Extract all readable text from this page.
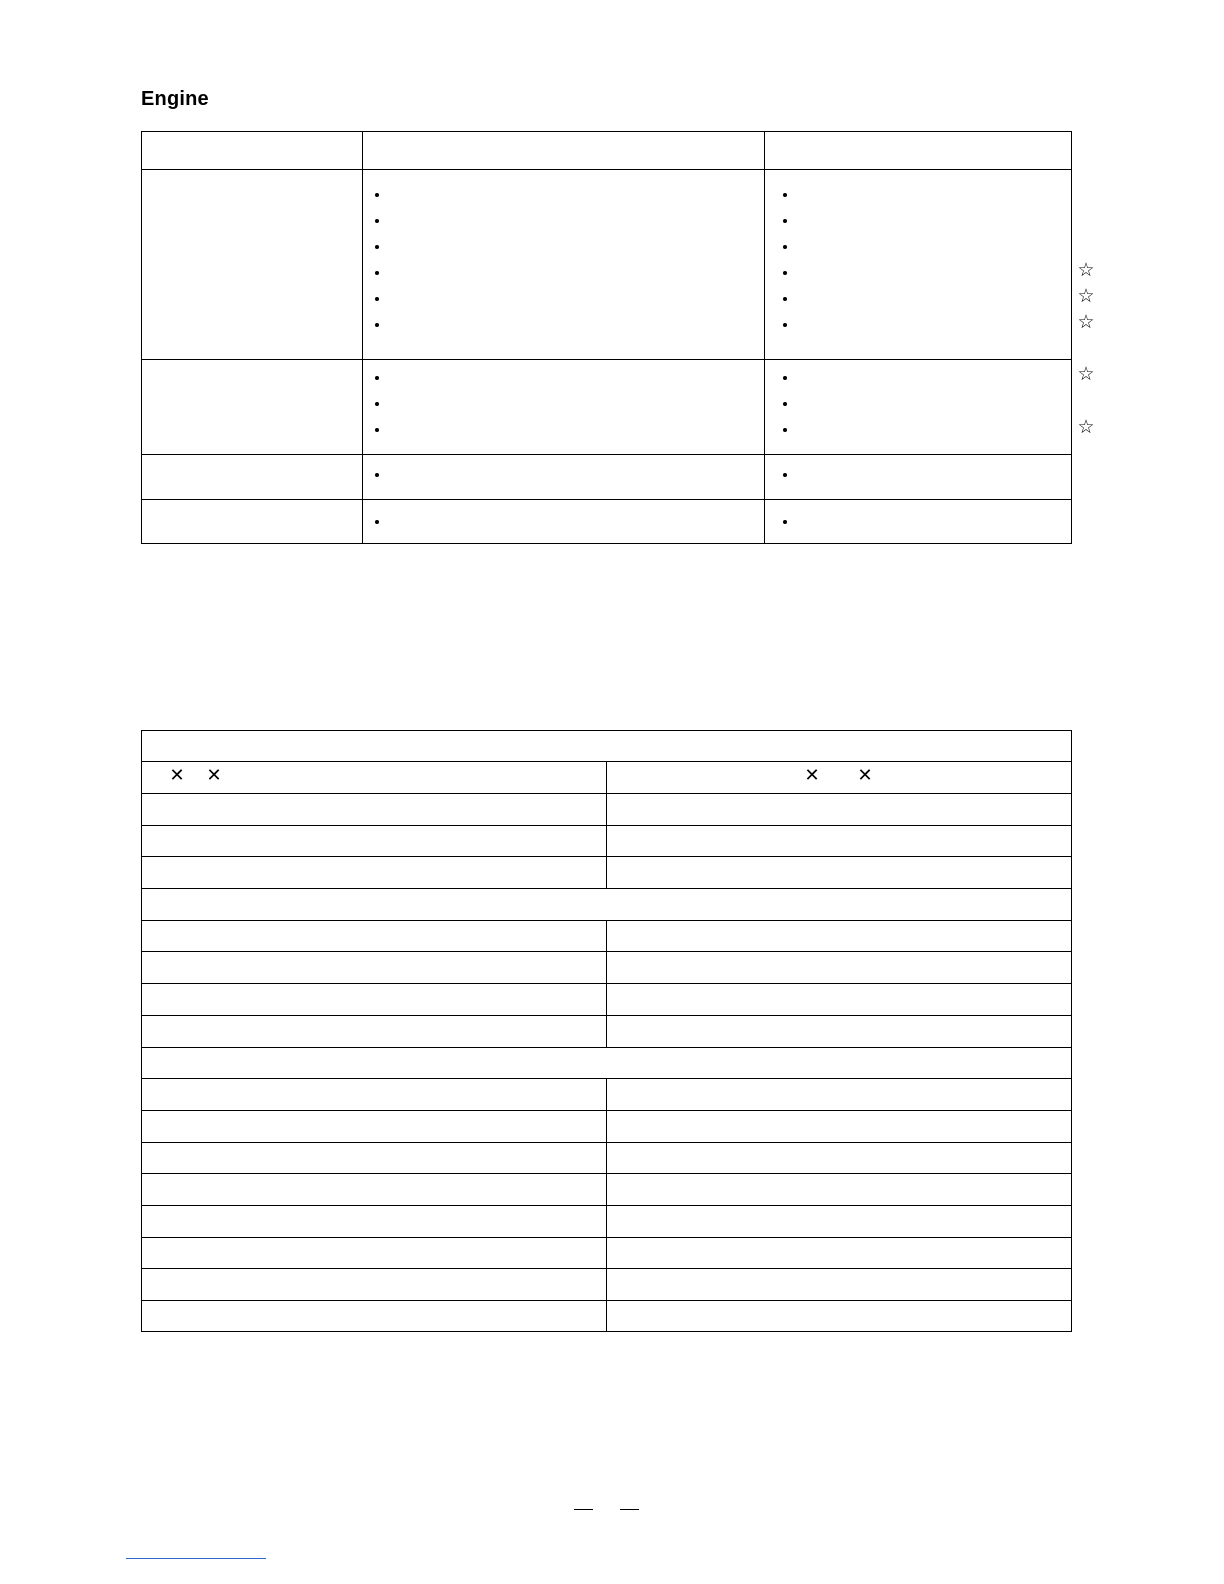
Engine
☆
☆
☆
☆
☆
✕ ✕	✕ ✕
